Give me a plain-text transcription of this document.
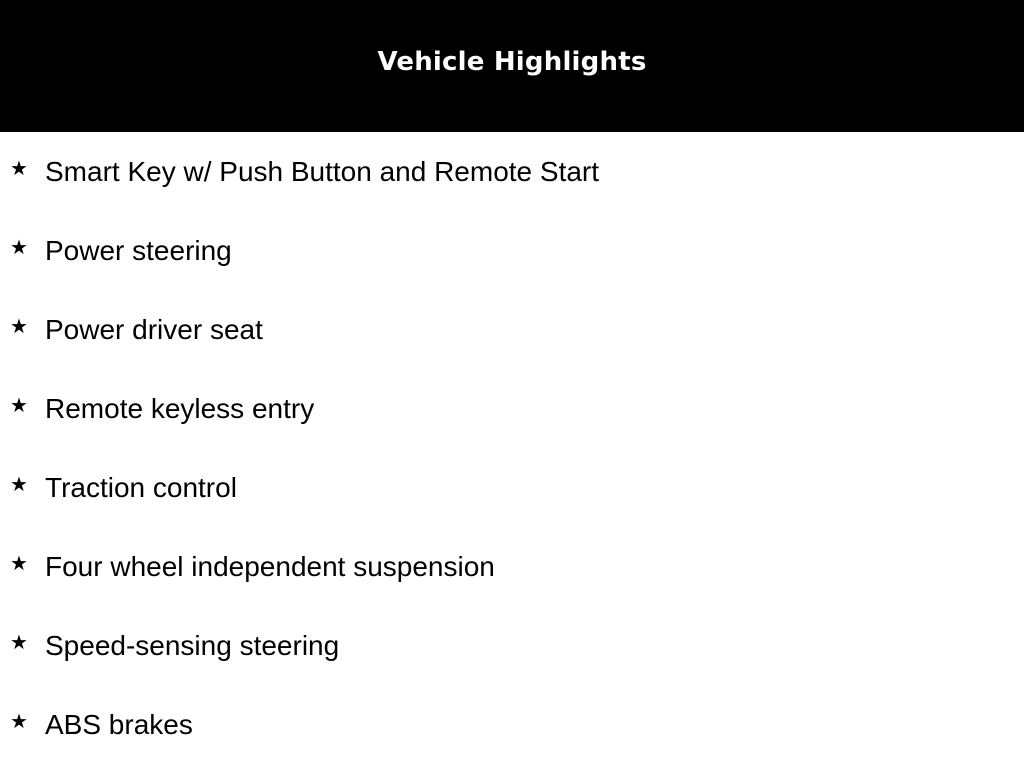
Vehicle Highlights
★ Smart Key w/ Push Button and Remote Start
★ Power steering
★ Power driver seat
★ Remote keyless entry
★ Traction control
★ Four wheel independent suspension
★ Speed-sensing steering
★ ABS brakes
